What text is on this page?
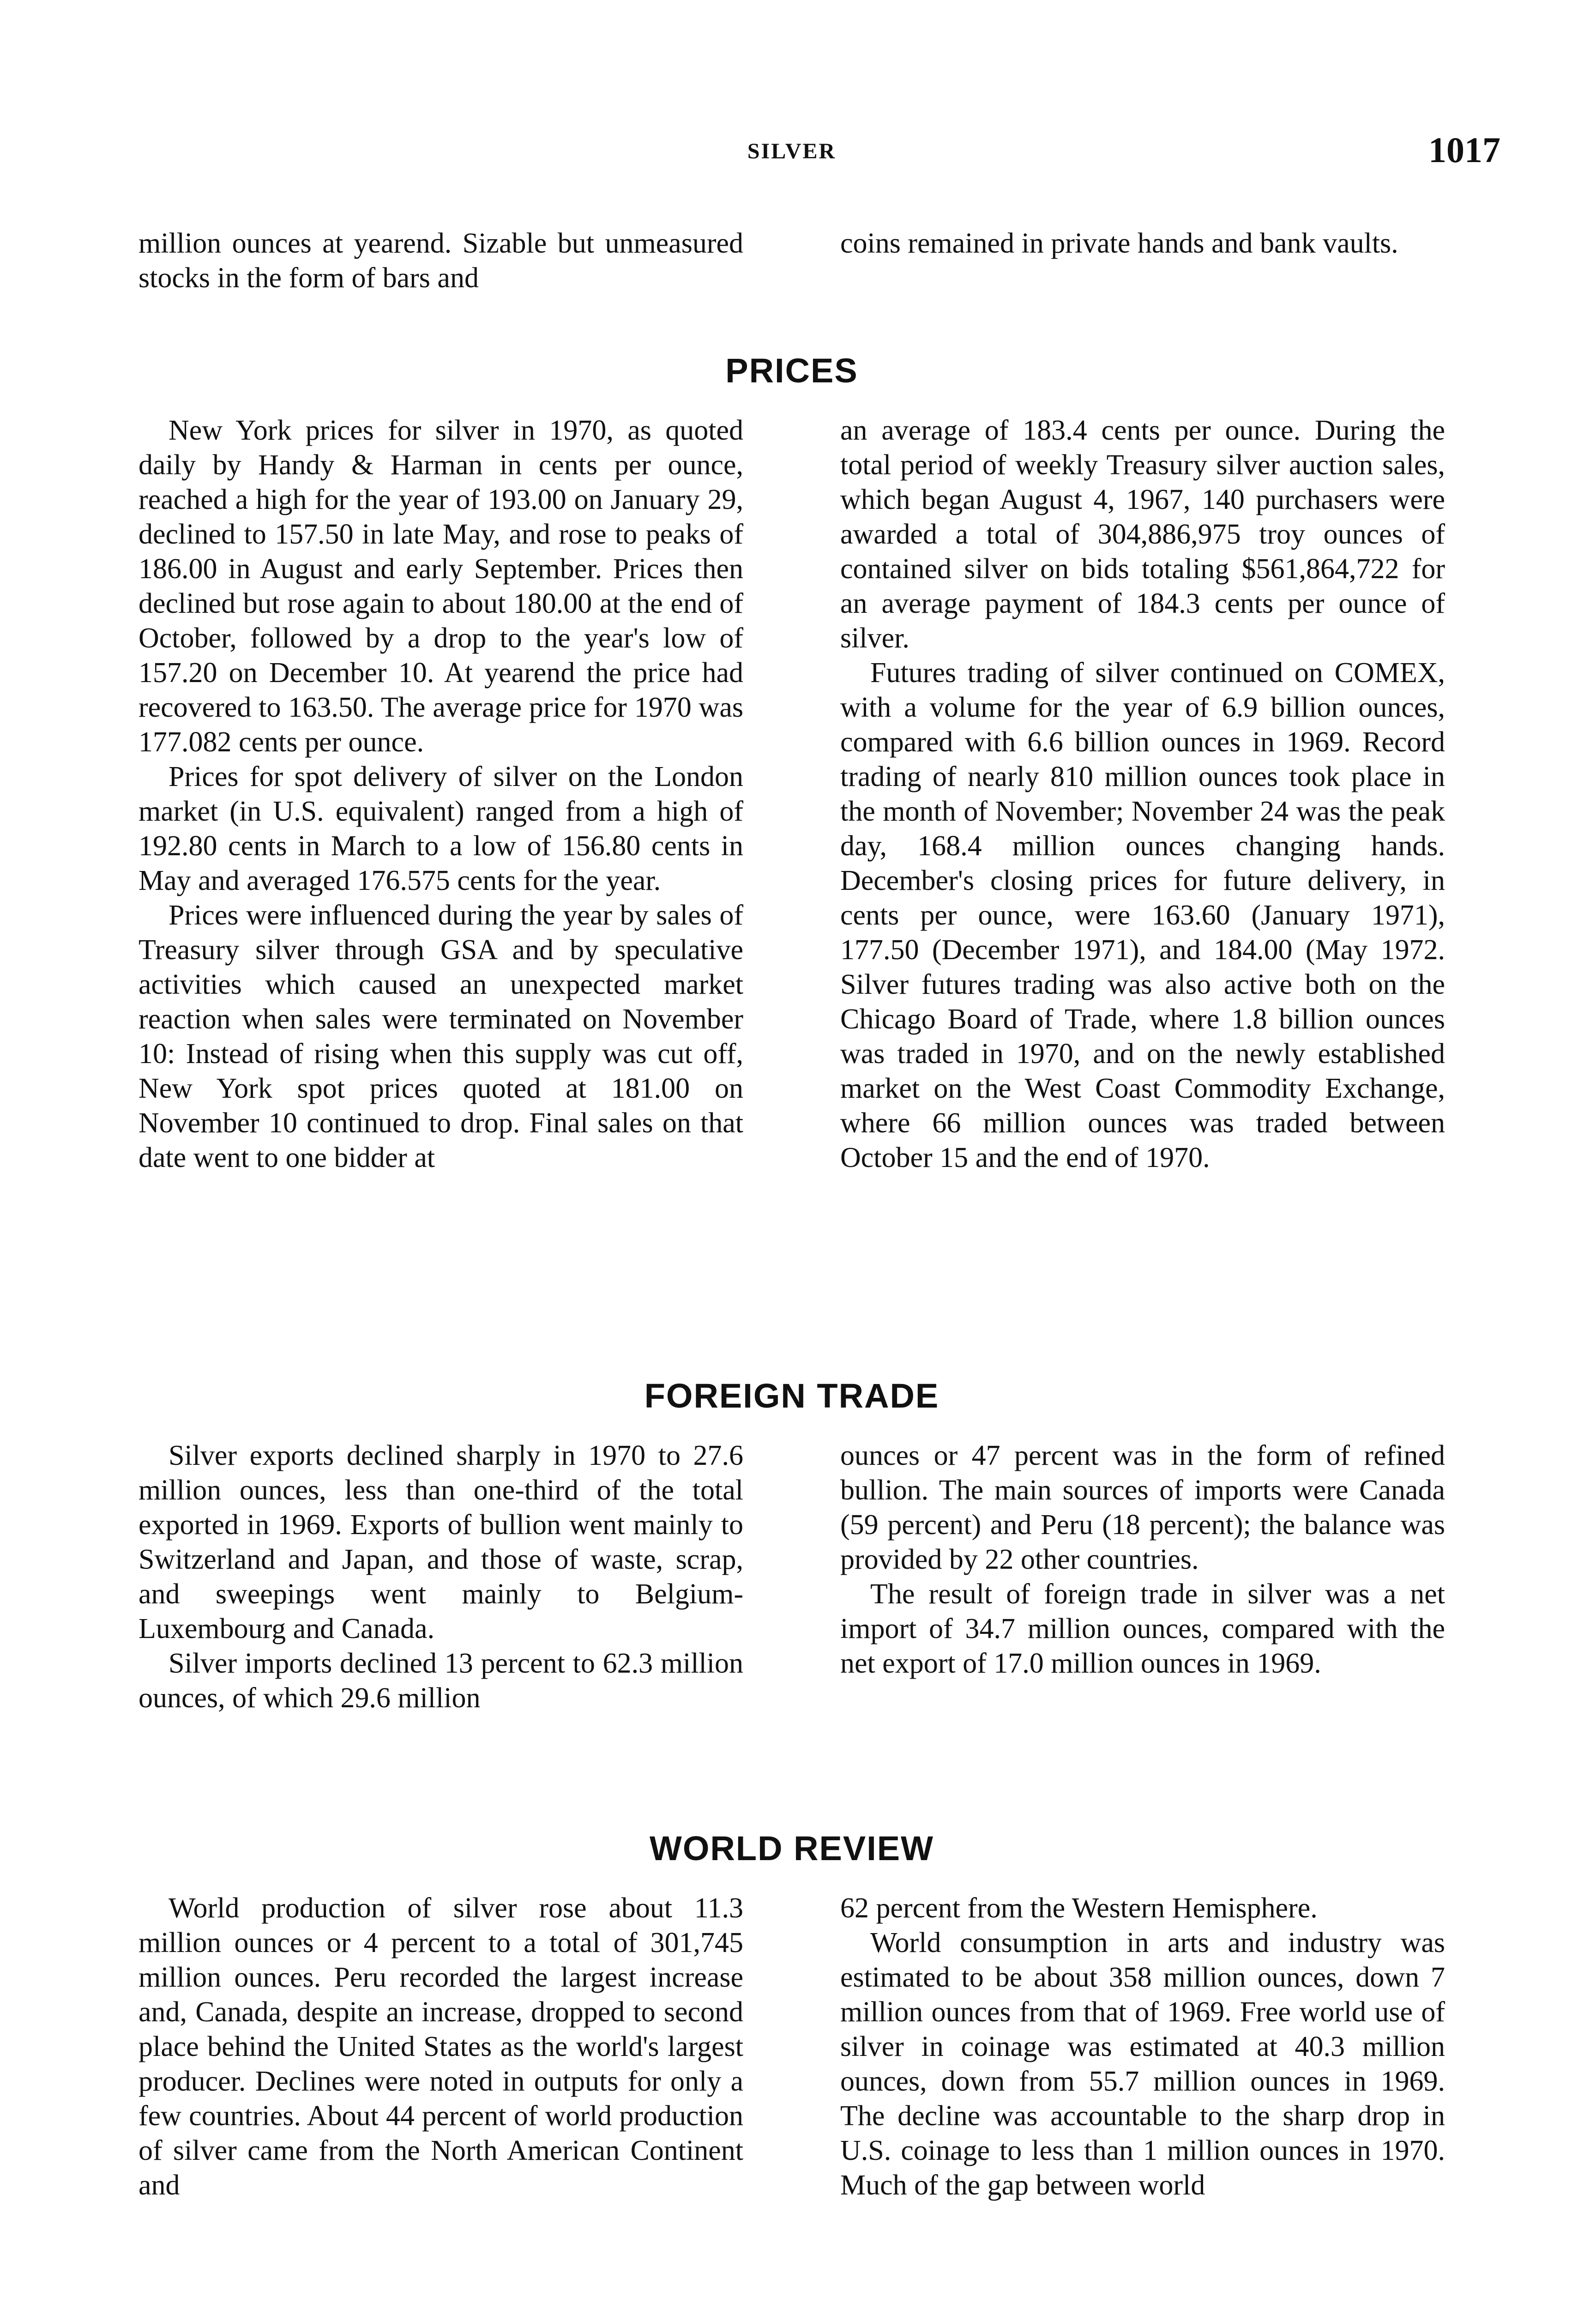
SILVER	1017

million ounces at yearend. Sizable but unmeasured stocks in the form of bars and

coins remained in private hands and bank vaults.

PRICES

New York prices for silver in 1970, as quoted daily by Handy & Harman in cents per ounce, reached a high for the year of 193.00 on January 29, declined to 157.50 in late May, and rose to peaks of 186.00 in August and early September. Prices then declined but rose again to about 180.00 at the end of October, followed by a drop to the year's low of 157.20 on December 10. At yearend the price had recovered to 163.50. The average price for 1970 was 177.082 cents per ounce.

Prices for spot delivery of silver on the London market (in U.S. equivalent) ranged from a high of 192.80 cents in March to a low of 156.80 cents in May and averaged 176.575 cents for the year.

Prices were influenced during the year by sales of Treasury silver through GSA and by speculative activities which caused an unexpected market reaction when sales were terminated on November 10: Instead of rising when this supply was cut off, New York spot prices quoted at 181.00 on November 10 continued to drop. Final sales on that date went to one bidder at

an average of 183.4 cents per ounce. During the total period of weekly Treasury silver auction sales, which began August 4, 1967, 140 purchasers were awarded a total of 304,886,975 troy ounces of contained silver on bids totaling $561,864,722 for an average payment of 184.3 cents per ounce of silver.

Futures trading of silver continued on COMEX, with a volume for the year of 6.9 billion ounces, compared with 6.6 billion ounces in 1969. Record trading of nearly 810 million ounces took place in the month of November; November 24 was the peak day, 168.4 million ounces changing hands. December's closing prices for future delivery, in cents per ounce, were 163.60 (January 1971), 177.50 (December 1971), and 184.00 (May 1972. Silver futures trading was also active both on the Chicago Board of Trade, where 1.8 billion ounces was traded in 1970, and on the newly established market on the West Coast Commodity Exchange, where 66 million ounces was traded between October 15 and the end of 1970.

FOREIGN TRADE

Silver exports declined sharply in 1970 to 27.6 million ounces, less than one-third of the total exported in 1969. Exports of bullion went mainly to Switzerland and Japan, and those of waste, scrap, and sweepings went mainly to Belgium-Luxembourg and Canada.

Silver imports declined 13 percent to 62.3 million ounces, of which 29.6 million

ounces or 47 percent was in the form of refined bullion. The main sources of imports were Canada (59 percent) and Peru (18 percent); the balance was provided by 22 other countries.

The result of foreign trade in silver was a net import of 34.7 million ounces, compared with the net export of 17.0 million ounces in 1969.

WORLD REVIEW

World production of silver rose about 11.3 million ounces or 4 percent to a total of 301,745 million ounces. Peru recorded the largest increase and, Canada, despite an increase, dropped to second place behind the United States as the world's largest producer. Declines were noted in outputs for only a few countries. About 44 percent of world production of silver came from the North American Continent and

62 percent from the Western Hemisphere.

World consumption in arts and industry was estimated to be about 358 million ounces, down 7 million ounces from that of 1969. Free world use of silver in coinage was estimated at 40.3 million ounces, down from 55.7 million ounces in 1969. The decline was accountable to the sharp drop in U.S. coinage to less than 1 million ounces in 1970. Much of the gap between world
